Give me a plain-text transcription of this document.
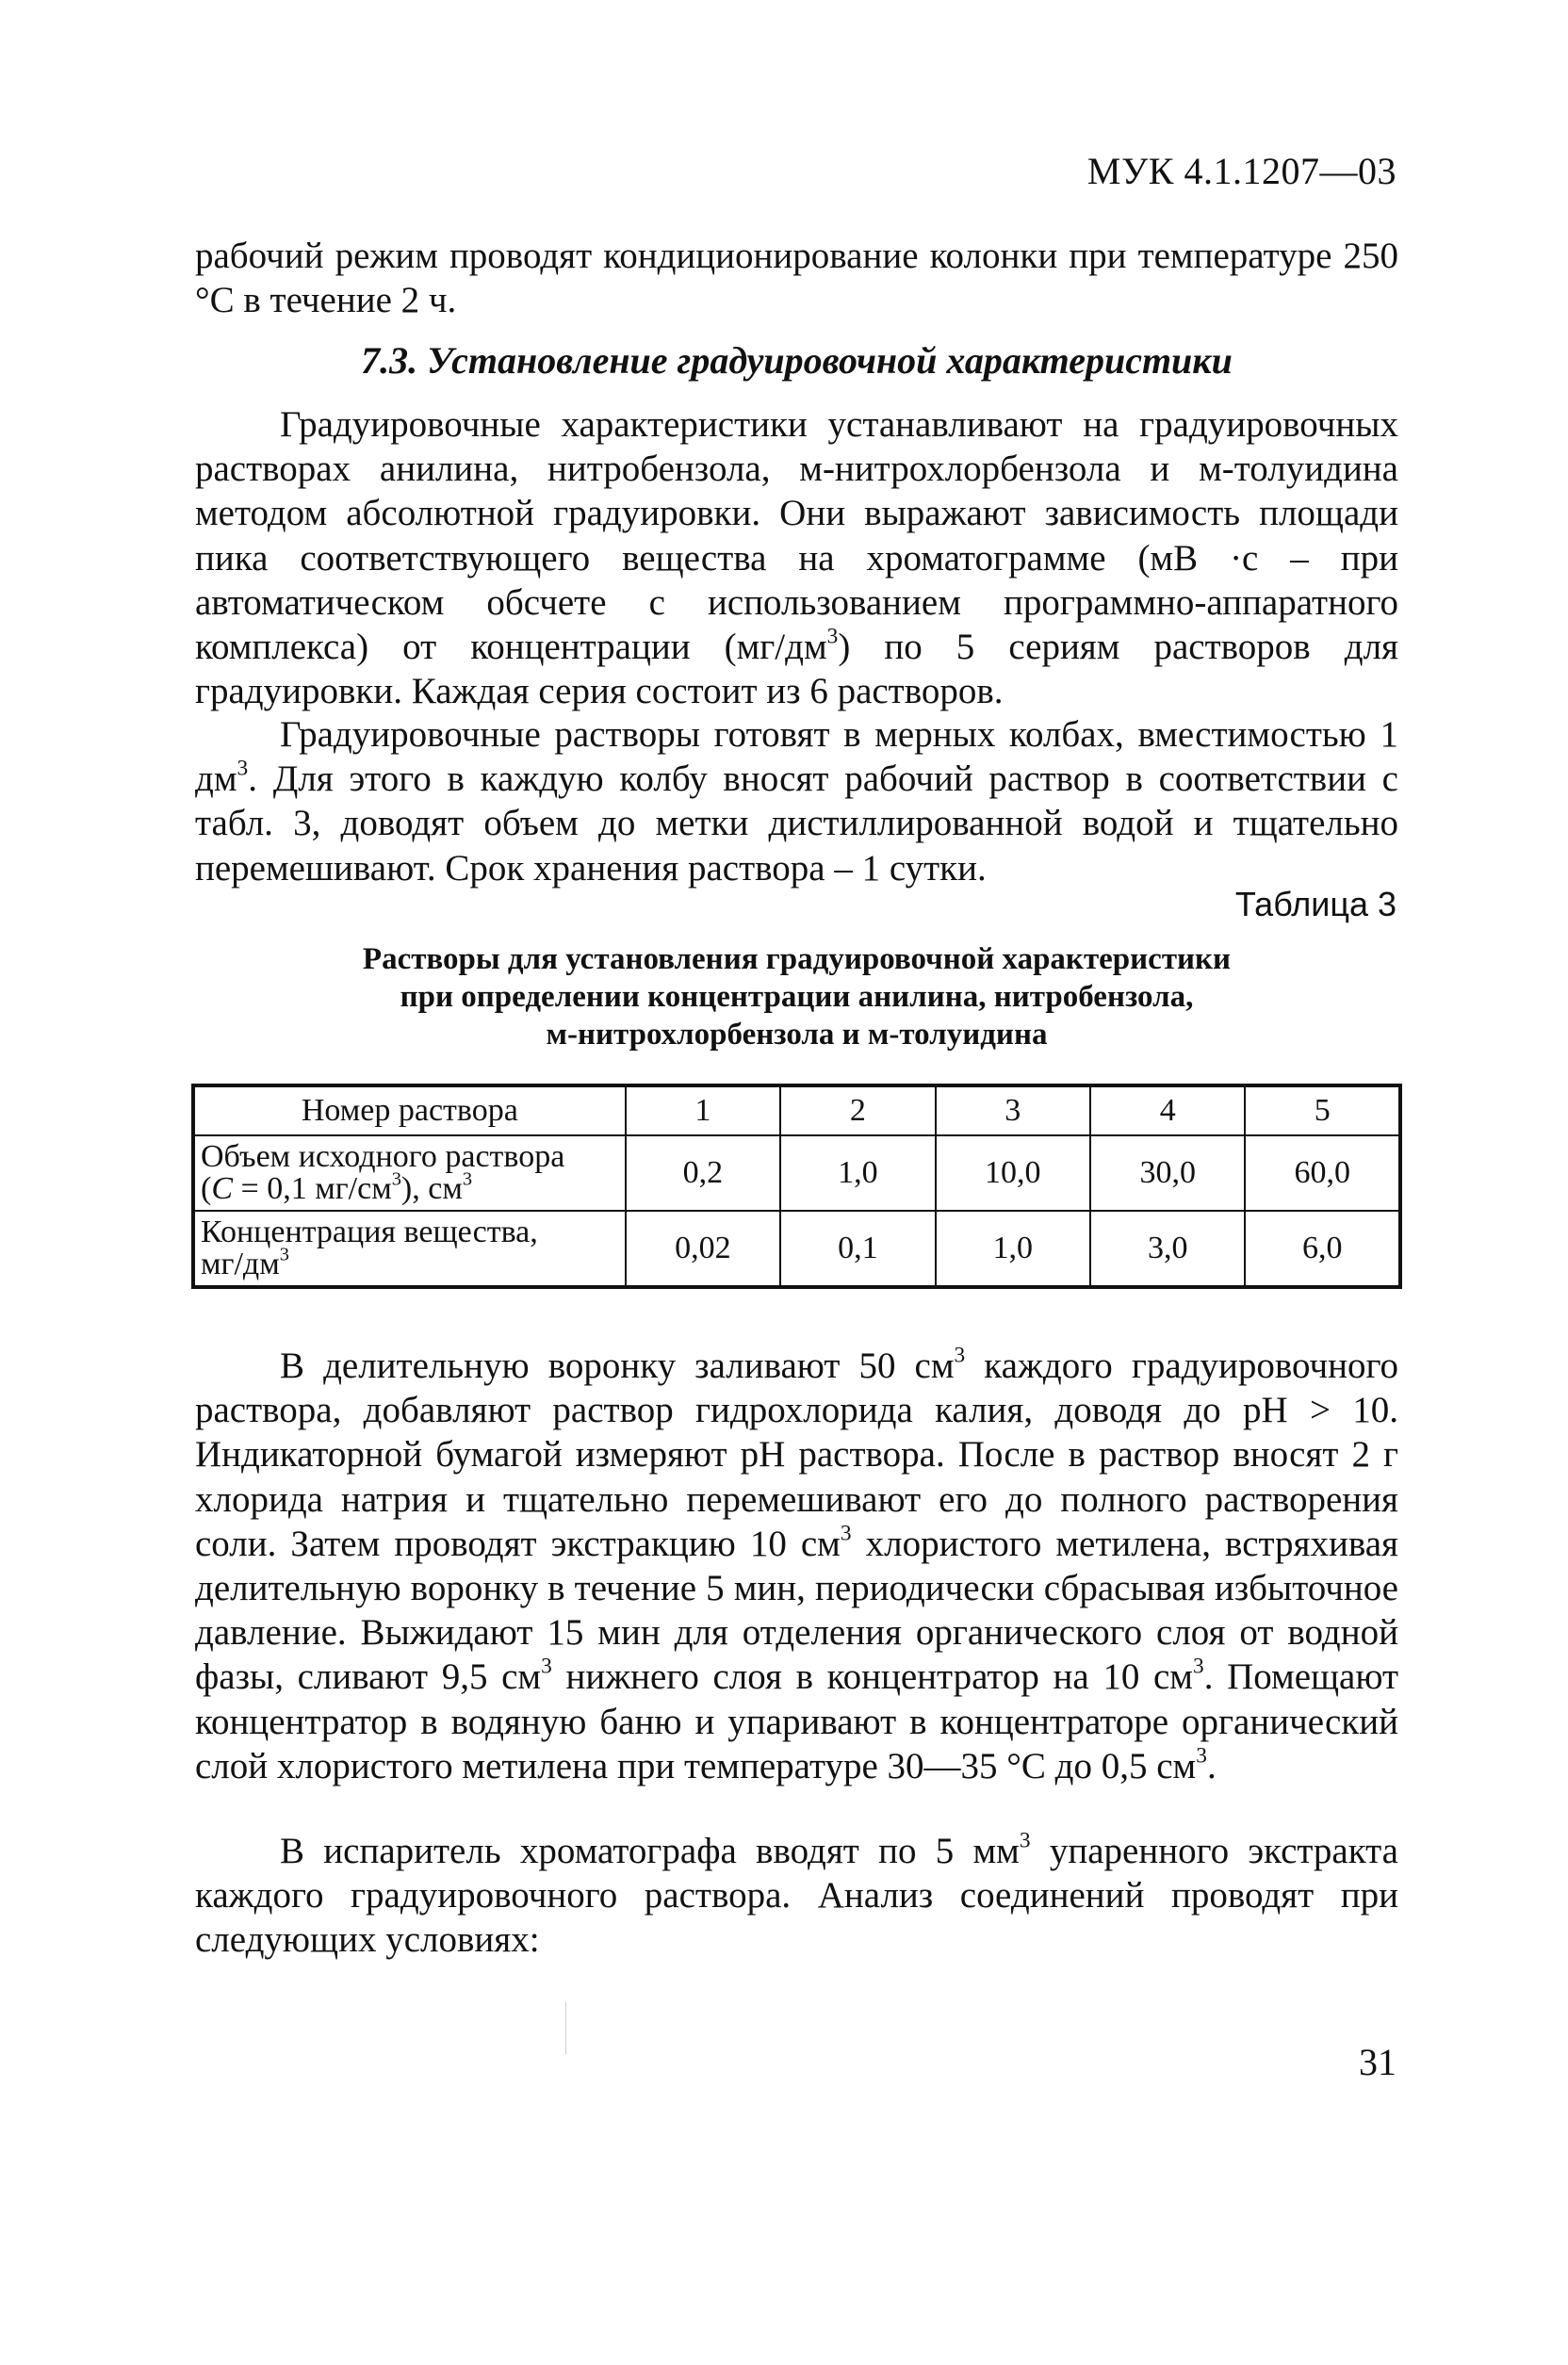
МУК 4.1.1207—03

рабочий режим проводят кондиционирование колонки при температуре 250 °С в течение 2 ч.

7.3. Установление градуировочной характеристики

Градуировочные характеристики устанавливают на градуировочных растворах анилина, нитробензола, м-нитрохлорбензола и м-толуидина методом абсолютной градуировки. Они выражают зависимость площади пика соответствующего вещества на хроматограмме (мВ ·с – при автоматическом обсчете с использованием программно-аппаратного комплекса) от концентрации $(мг/дм^3)$ по 5 сериям растворов для градуировки. Каждая серия состоит из 6 растворов.

Градуировочные растворы готовят в мерных колбах, вместимостью 1 $дм^3$. Для этого в каждую колбу вносят рабочий раствор в соответствии с табл. 3, доводят объем до метки дистиллированной водой и тщательно перемешивают. Срок хранения раствора – 1 сутки.

Таблица 3
Растворы для установления градуировочной характеристики
при определении концентрации анилина, нитробензола,
м-нитрохлорбензола и м-толуидина
Номер раствора	1	2	3	4	5
Объем исходного раствора
(С = 0,1 $мг/см^3$), $см^3$	0,2	1,0	10,0	30,0	60,0
Концентрация вещества,
$мг/дм^3$	0,02	0,1	1,0	3,0	6,0

В делительную воронку заливают 50 $см^3$ каждого градуировочного раствора, добавляют раствор гидрохлорида калия, доводя до рН > 10. Индикаторной бумагой измеряют рН раствора. После в раствор вносят 2 г хлорида натрия и тщательно перемешивают его до полного растворения соли. Затем проводят экстракцию 10 $см^3$ хлористого метилена, встряхивая делительную воронку в течение 5 мин, периодически сбрасывая избыточное давление. Выжидают 15 мин для отделения органического слоя от водной фазы, сливают 9,5 $см^3$ нижнего слоя в концентратор на 10 $см^3$. Помещают концентратор в водяную баню и упаривают в концентраторе органический слой хлористого метилена при температуре 30—35 °С до 0,5 $см^3$.

В испаритель хроматографа вводят по 5 $мм^3$ упаренного экстракта каждого градуировочного раствора. Анализ соединений проводят при следующих условиях:

31
